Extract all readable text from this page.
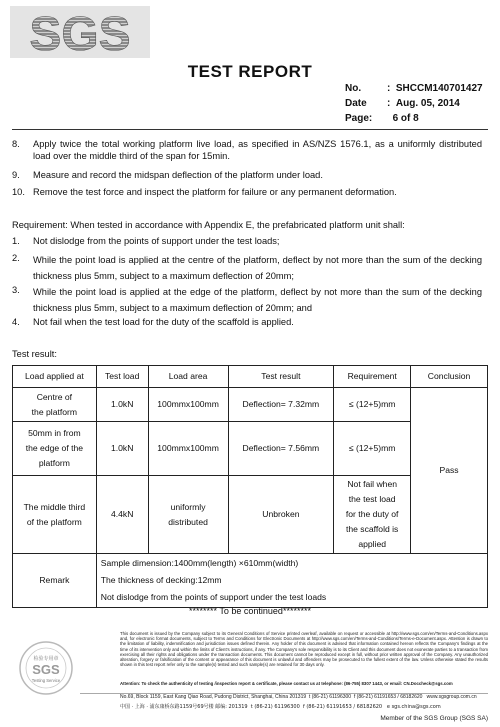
SGS
TEST REPORT
No.	:  SHCCM140701427
Date :  Aug. 05, 2014
Page: 6 of 8
8. Apply twice the total working platform live load, as specified in AS/NZS 1576.1, as a uniformly distributed load over the middle third of the span for 15min.
9. Measure and record the midspan deflection of the platform under load.
10. Remove the test force and inspect the platform for failure or any permanent deformation.
Requirement: When tested in accordance with Appendix E, the prefabricated platform unit shall:
1. Not dislodge from the points of support under the test loads;
2. While the point load is applied at the centre of the platform, deflect by not more than the sum of the decking thickness plus 5mm, subject to a maximum deflection of 20mm;
3. While the point load is applied at the edge of the platform, deflect by not more than the sum of the decking thickness plus 5mm, subject to a maximum deflection of 20mm; and
4. Not fail when the test load for the duty of the scaffold is applied.
Test result:
Load applied at	Test load	Load area	Test result	Requirement	Conclusion
Centre of
the platform	1.0kN	100mmx100mm	Deflection= 7.32mm	≤ (12+5)mm	Pass
50mm in from
the edge of the
platform	1.0kN	100mmx100mm	Deflection= 7.56mm	≤ (12+5)mm	
The middle third
of the platform	4.4kN	uniformly
distributed	Unbroken	Not fail when
the test load
for the duty of
the scaffold is
applied	
Remark	Sample dimension:1400mm(length) ×610mm(width)
The thickness of decking:12mm
Not dislodge from the points of support under the test loads				
******** To be continued********
检验专用章
SGS
Testing Service
This document is issued by the Company subject to its General Conditions of Service printed overleaf, available on request or accessible at http://www.sgs.com/en/Terms-and-Conditions.aspx and, for electronic format documents, subject to Terms and Conditions for Electronic Documents at http://www.sgs.com/en/Terms-and-Conditions/Terms-e-Document.aspx. Attention is drawn to the limitation of liability, indemnification and jurisdiction issues defined therein. Any holder of this document is advised that information contained hereon reflects the Company's findings at the time of its intervention only and within the limits of Client's instructions, if any. The Company's sole responsibility is to its Client and this document does not exonerate parties to a transaction from exercising all their rights and obligations under the transaction documents. This document cannot be reproduced except in full, without prior written approval of the Company. Any unauthorized alteration, forgery or falsification of the content or appearance of this document is unlawful and offenders may be prosecuted to the fullest extent of the law. Unless otherwise stated the results shown in this test report refer only to the sample(s) tested and such sample(s) are retained for 30 days only.
Attention: To check the authenticity of testing /inspection report & certificate, please contact us at telephone: (86-755) 8307 1443, or email: CN.Doccheck@sgs.com
No.69, Block 1159, East Kang Qiao Road, Pudong District, Shanghai, China 201319 t (86-21) 61196300 f (86-21) 61191653 / 68182620 www.sgsgroup.com.cn
中国 · 上海 · 浦东康桥东路1159号69号楼 邮编: 201319 t (86-21) 61196300 f (86-21) 61191653 / 68182620 e sgs.china@sgs.com
Member of the SGS Group (SGS SA)
